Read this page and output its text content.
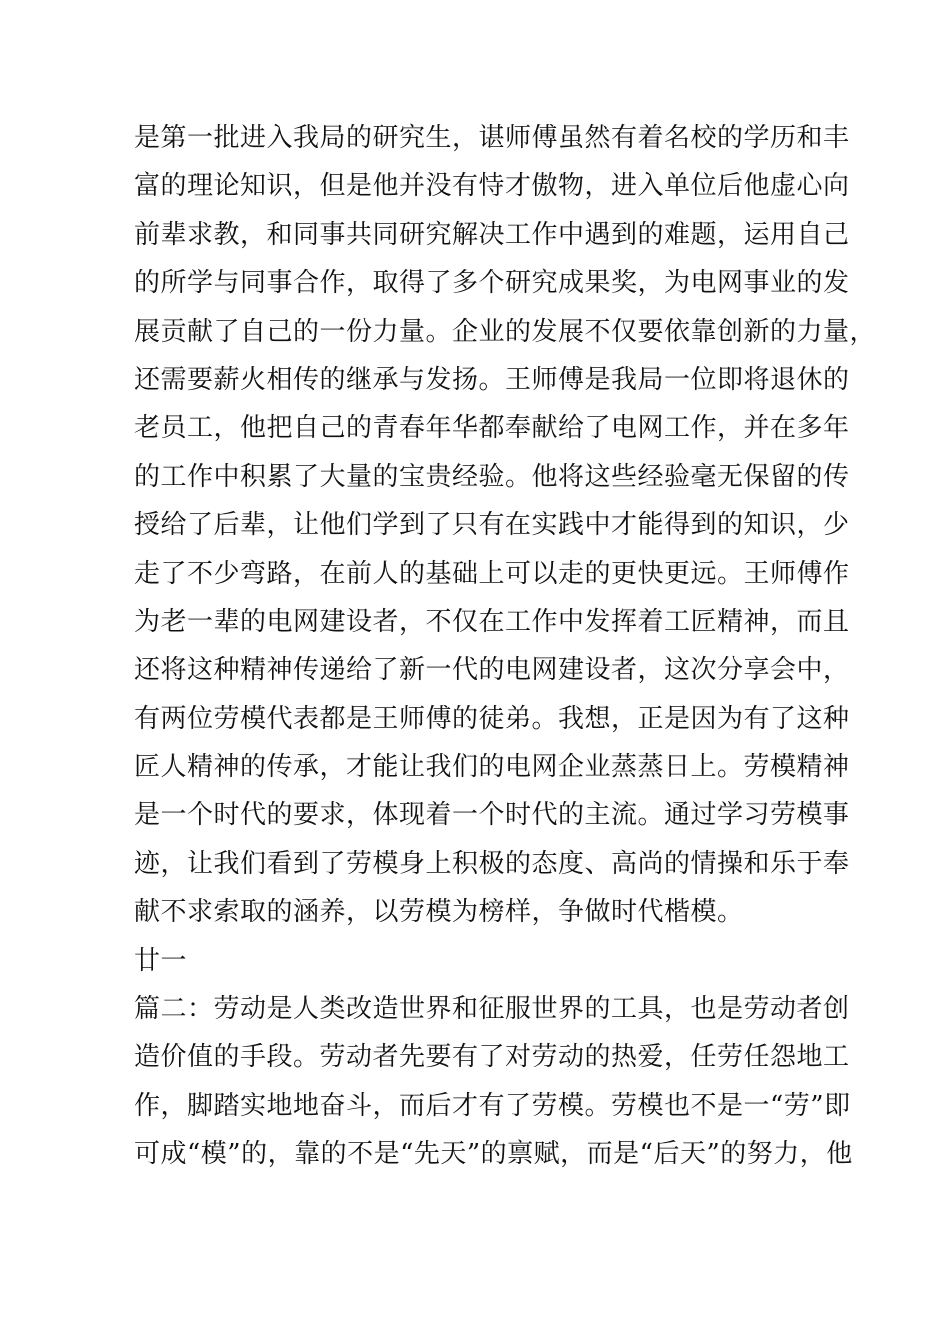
是第一批进入我局的研究生，谌师傅虽然有着名校的学历和丰
富的理论知识，但是他并没有恃才傲物，进入单位后他虚心向
前辈求教，和同事共同研究解决工作中遇到的难题，运用自己
的所学与同事合作，取得了多个研究成果奖，为电网事业的发
展贡献了自己的一份力量。企业的发展不仅要依靠创新的力量，
还需要薪火相传的继承与发扬。王师傅是我局一位即将退休的
老员工，他把自己的青春年华都奉献给了电网工作，并在多年
的工作中积累了大量的宝贵经验。他将这些经验毫无保留的传
授给了后辈，让他们学到了只有在实践中才能得到的知识，少
走了不少弯路，在前人的基础上可以走的更快更远。王师傅作
为老一辈的电网建设者，不仅在工作中发挥着工匠精神，而且
还将这种精神传递给了新一代的电网建设者，这次分享会中，
有两位劳模代表都是王师傅的徒弟。我想，正是因为有了这种
匠人精神的传承，才能让我们的电网企业蒸蒸日上。劳模精神
是一个时代的要求，体现着一个时代的主流。通过学习劳模事
迹，让我们看到了劳模身上积极的态度、高尚的情操和乐于奉
献不求索取的涵养，以劳模为榜样，争做时代楷模。
廿一
篇二：劳动是人类改造世界和征服世界的工具，也是劳动者创
造价值的手段。劳动者先要有了对劳动的热爱，任劳任怨地工
作，脚踏实地地奋斗，而后才有了劳模。劳模也不是一“劳”即
可成“模”的，靠的不是“先天”的禀赋，而是“后天”的努力，他
